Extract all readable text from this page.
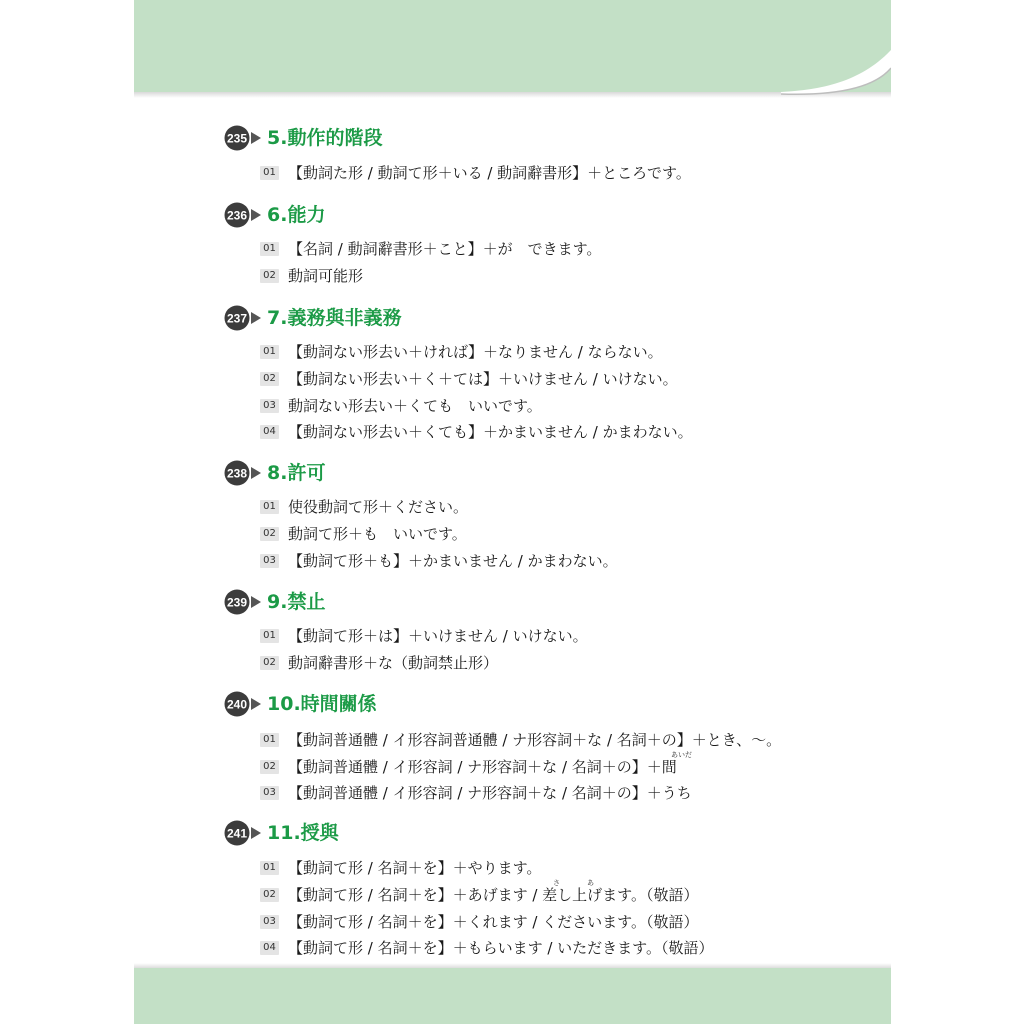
235 5.動作的階段
01 【動詞た形 / 動詞て形＋いる / 動詞辭書形】＋ところです。
236 6.能力
01 【名詞 / 動詞辭書形＋こと】＋が　できます。
02 動詞可能形
237 7.義務與非義務
01 【動詞ない形去い＋ければ】＋なりません / ならない。
02 【動詞ない形去い＋く＋ては】＋いけません / いけない。
03 動詞ない形去い＋くても　いいです。
04 【動詞ない形去い＋くても】＋かまいません / かまわない。
238 8.許可
01 使役動詞て形＋ください。
02 動詞て形＋も　いいです。
03 【動詞て形＋も】＋かまいません / かまわない。
239 9.禁止
01 【動詞て形＋は】＋いけません / いけない。
02 動詞辭書形＋な（動詞禁止形）
240 10.時間關係
01 【動詞普通體 / イ形容詞普通體 / ナ形容詞＋な / 名詞＋の】＋とき、～。
02 【動詞普通體 / イ形容詞 / ナ形容詞＋な / 名詞＋の】＋間
03 【動詞普通體 / イ形容詞 / ナ形容詞＋な / 名詞＋の】＋うち
あいだ
241 11.授與
01 【動詞て形 / 名詞＋を】＋やります。
02 【動詞て形 / 名詞＋を】＋あげます / 差し上げます。（敬語）
03 【動詞て形 / 名詞＋を】＋くれます / くださいます。（敬語）
04 【動詞て形 / 名詞＋を】＋もらいます / いただきます。（敬語）
さ	あ
